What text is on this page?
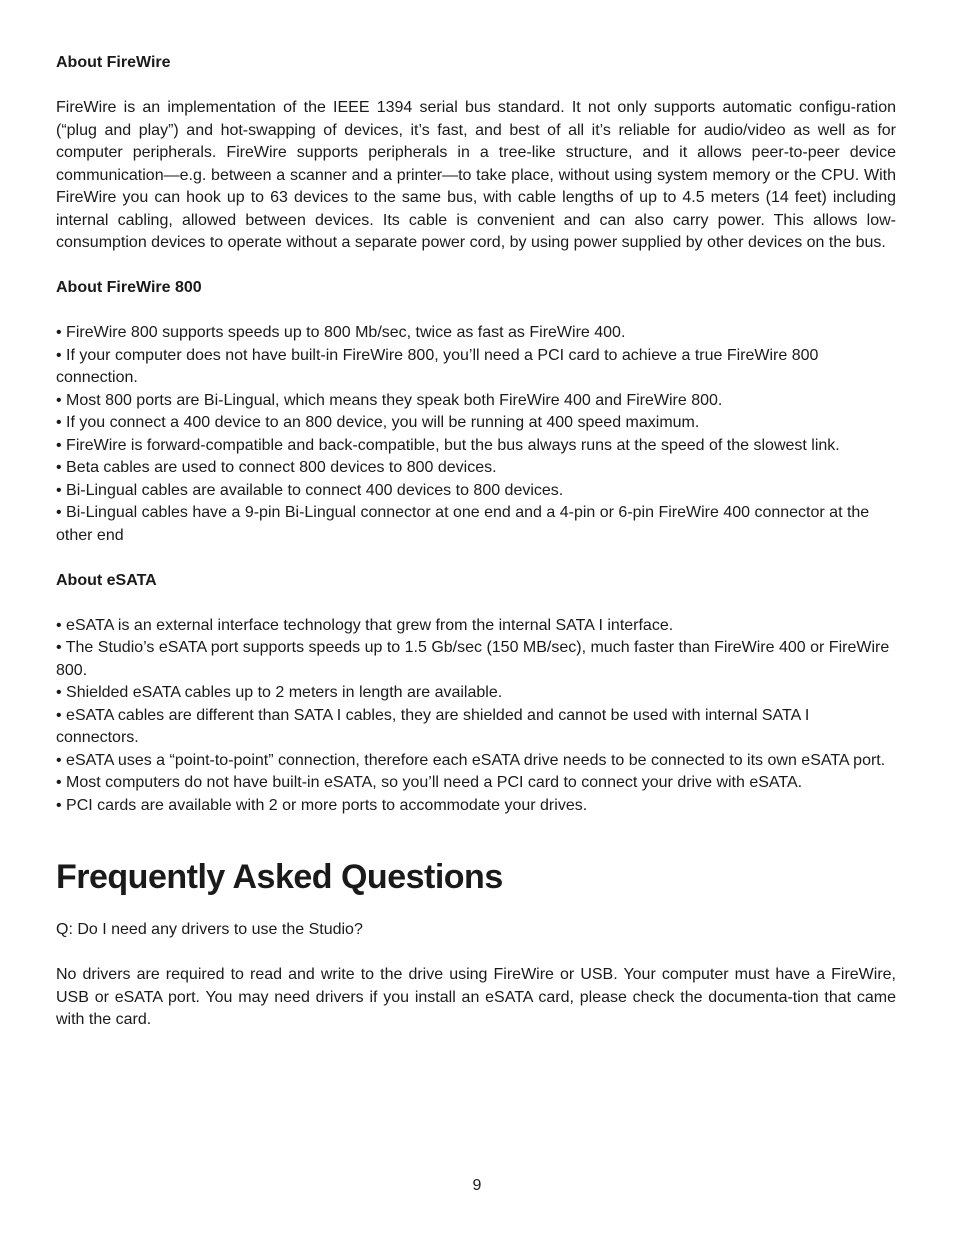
About FireWire

FireWire is an implementation of the IEEE 1394 serial bus standard. It not only supports automatic configu-ration (“plug and play”) and hot-swapping of devices, it’s fast, and best of all it’s reliable for audio/video as well as for computer peripherals. FireWire supports peripherals in a tree-like structure, and it allows peer-to-peer device communication—e.g. between a scanner and a printer—to take place, without using system memory or the CPU. With FireWire you can hook up to 63 devices to the same bus, with cable lengths of up to 4.5 meters (14 feet) including internal cabling, allowed between devices. Its cable is convenient and can also carry power. This allows low-consumption devices to operate without a separate power cord, by using power supplied by other devices on the bus.

About FireWire 800
• FireWire 800 supports speeds up to 800 Mb/sec, twice as fast as FireWire 400.
• If your computer does not have built-in FireWire 800, you’ll need a PCI card to achieve a true FireWire 800 connection.
• Most 800 ports are Bi-Lingual, which means they speak both FireWire 400 and FireWire 800.
• If you connect a 400 device to an 800 device, you will be running at 400 speed maximum.
• FireWire is forward-compatible and back-compatible, but the bus always runs at the speed of the slowest link.
• Beta cables are used to connect 800 devices to 800 devices.
• Bi-Lingual cables are available to connect 400 devices to 800 devices.
• Bi-Lingual cables have a 9-pin Bi-Lingual connector at one end and a 4-pin or 6-pin FireWire 400 connector at the other end
About eSATA
• eSATA is an external interface technology that grew from the internal SATA I interface.
• The Studio’s eSATA port supports speeds up to 1.5 Gb/sec (150 MB/sec), much faster than FireWire 400 or FireWire 800.
• Shielded eSATA cables up to 2 meters in length are available.
• eSATA cables are different than SATA I cables, they are shielded and cannot be used with internal SATA I connectors.
• eSATA uses a “point-to-point” connection, therefore each eSATA drive needs to be connected to its own eSATA port.
• Most computers do not have built-in eSATA, so you’ll need a PCI card to connect your drive with eSATA.
• PCI cards are available with 2 or more ports to accommodate your drives.
Frequently Asked Questions

Q: Do I need any drivers to use the Studio?

No drivers are required to read and write to the drive using FireWire or USB. Your computer must have a FireWire, USB or eSATA port. You may need drivers if you install an eSATA card, please check the documenta-tion that came with the card.

9
